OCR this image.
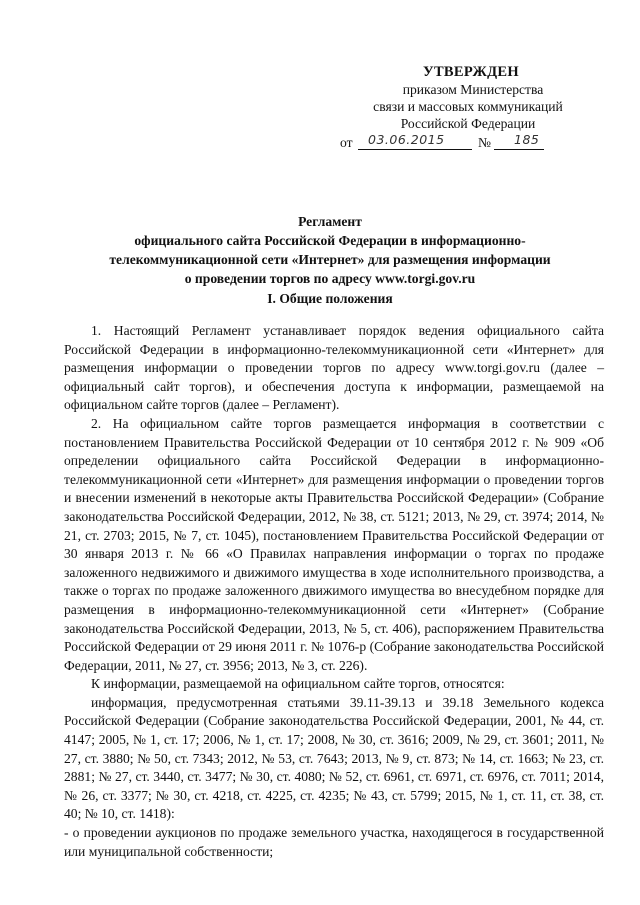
УТВЕРЖДЕН
приказом Министерства
связи и массовых коммуникаций
Российской Федерации
от 03.06.2015 № 185
Регламент
официального сайта Российской Федерации в информационно-
телекоммуникационной сети «Интернет» для размещения информации
о проведении торгов по адресу www.torgi.gov.ru
I. Общие положения

1. Настоящий Регламент устанавливает порядок ведения официального сайта Российской Федерации в информационно-телекоммуникационной сети «Интернет» для размещения информации о проведении торгов по адресу www.torgi.gov.ru (далее – официальный сайт торгов), и обеспечения доступа к информации, размещаемой на официальном сайте торгов (далее – Регламент).

2. На официальном сайте торгов размещается информация в соответствии с постановлением Правительства Российской Федерации от 10 сентября 2012 г. № 909 «Об определении официального сайта Российской Федерации в информационно-телекоммуникационной сети «Интернет» для размещения информации о проведении торгов и внесении изменений в некоторые акты Правительства Российской Федерации» (Собрание законодательства Российской Федерации, 2012, № 38, ст. 5121; 2013, № 29, ст. 3974; 2014, № 21, ст. 2703; 2015, № 7, ст. 1045), постановлением Правительства Российской Федерации от 30 января 2013 г. № 66 «О Правилах направления информации о торгах по продаже заложенного недвижимого и движимого имущества в ходе исполнительного производства, а также о торгах по продаже заложенного движимого имущества во внесудебном порядке для размещения в информационно-телекоммуникационной сети «Интернет» (Собрание законодательства Российской Федерации, 2013, № 5, ст. 406), распоряжением Правительства Российской Федерации от 29 июня 2011 г. № 1076-р (Собрание законодательства Российской Федерации, 2011, № 27, ст. 3956; 2013, № 3, ст. 226).

К информации, размещаемой на официальном сайте торгов, относятся:

информация, предусмотренная статьями 39.11-39.13 и 39.18 Земельного кодекса Российской Федерации (Собрание законодательства Российской Федерации, 2001, № 44, ст. 4147; 2005, № 1, ст. 17; 2006, № 1, ст. 17; 2008, № 30, ст. 3616; 2009, № 29, ст. 3601; 2011, № 27, ст. 3880; № 50, ст. 7343; 2012, № 53, ст. 7643; 2013, № 9, ст. 873; № 14, ст. 1663; № 23, ст. 2881; № 27, ст. 3440, ст. 3477; № 30, ст. 4080; № 52, ст. 6961, ст. 6971, ст. 6976, ст. 7011; 2014, № 26, ст. 3377; № 30, ст. 4218, ст. 4225, ст. 4235; № 43, ст. 5799; 2015, № 1, ст. 11, ст. 38, ст. 40; № 10, ст. 1418):

- о проведении аукционов по продаже земельного участка, находящегося в государственной или муниципальной собственности;
